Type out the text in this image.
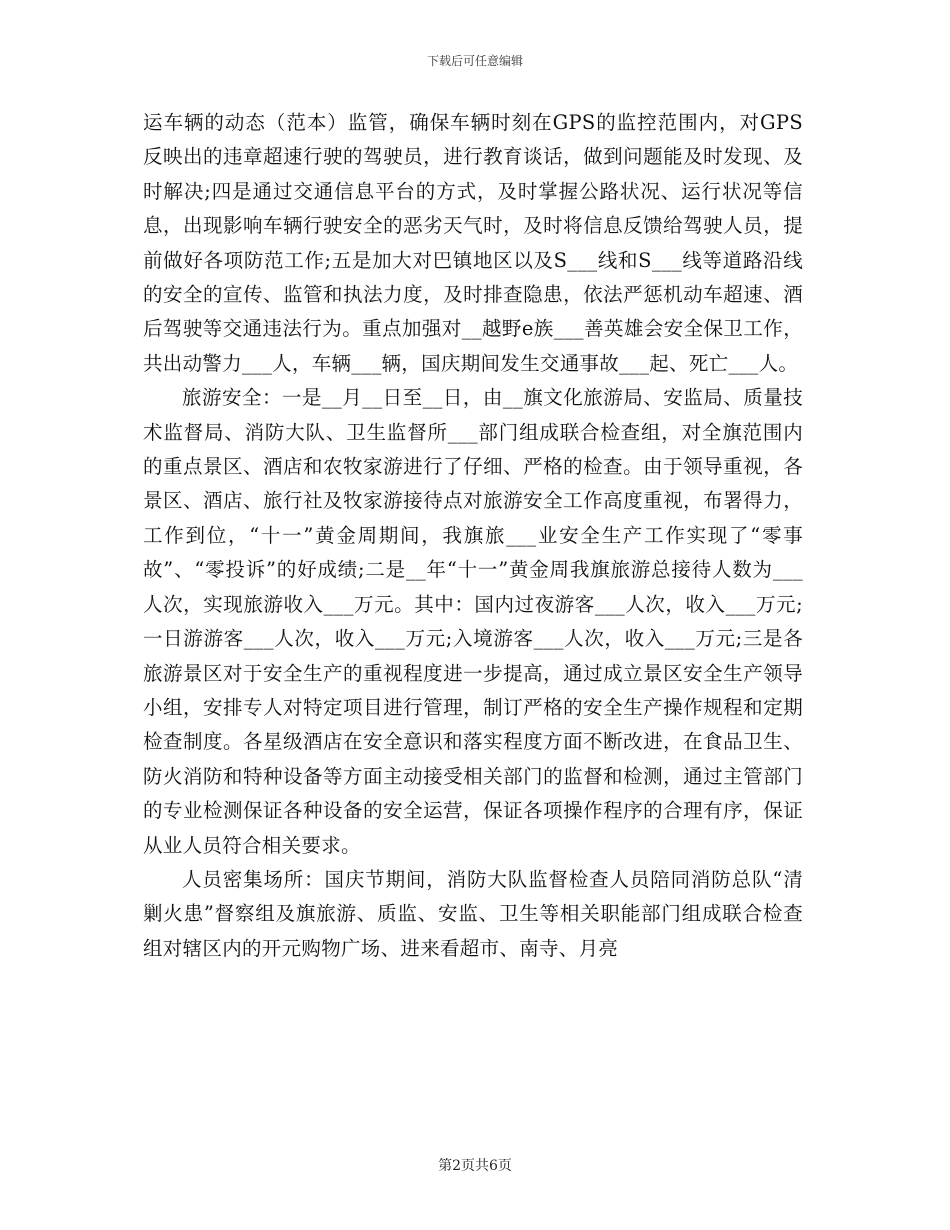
下载后可任意编辑

运车辆的动态（范本）监管，确保车辆时刻在GPS的监控范围内，对GPS反映出的违章超速行驶的驾驶员，进行教育谈话，做到问题能及时发现、及时解决;四是通过交通信息平台的方式，及时掌握公路状况、运行状况等信息，出现影响车辆行驶安全的恶劣天气时，及时将信息反馈给驾驶人员，提前做好各项防范工作;五是加大对巴镇地区以及S___线和S___线等道路沿线的安全的宣传、监管和执法力度，及时排查隐患，依法严惩机动车超速、酒后驾驶等交通违法行为。重点加强对__越野e族___善英雄会安全保卫工作，共出动警力___人，车辆___辆，国庆期间发生交通事故___起、死亡___人。

旅游安全：一是__月__日至__日，由__旗文化旅游局、安监局、质量技术监督局、消防大队、卫生监督所___部门组成联合检查组，对全旗范围内的重点景区、酒店和农牧家游进行了仔细、严格的检查。由于领导重视，各景区、酒店、旅行社及牧家游接待点对旅游安全工作高度重视，布署得力，工作到位，“十一”黄金周期间，我旗旅___业安全生产工作实现了“零事故”、“零投诉”的好成绩;二是__年“十一”黄金周我旗旅游总接待人数为___人次，实现旅游收入___万元。其中：国内过夜游客___人次，收入___万元;一日游游客___人次，收入___万元;入境游客___人次，收入___万元;三是各旅游景区对于安全生产的重视程度进一步提高，通过成立景区安全生产领导小组，安排专人对特定项目进行管理，制订严格的安全生产操作规程和定期检查制度。各星级酒店在安全意识和落实程度方面不断改进，在食品卫生、防火消防和特种设备等方面主动接受相关部门的监督和检测，通过主管部门的专业检测保证各种设备的安全运营，保证各项操作程序的合理有序，保证从业人员符合相关要求。

人员密集场所：国庆节期间，消防大队监督检查人员陪同消防总队“清剿火患”督察组及旗旅游、质监、安监、卫生等相关职能部门组成联合检查组对辖区内的开元购物广场、进来看超市、南寺、月亮

第2页共6页
